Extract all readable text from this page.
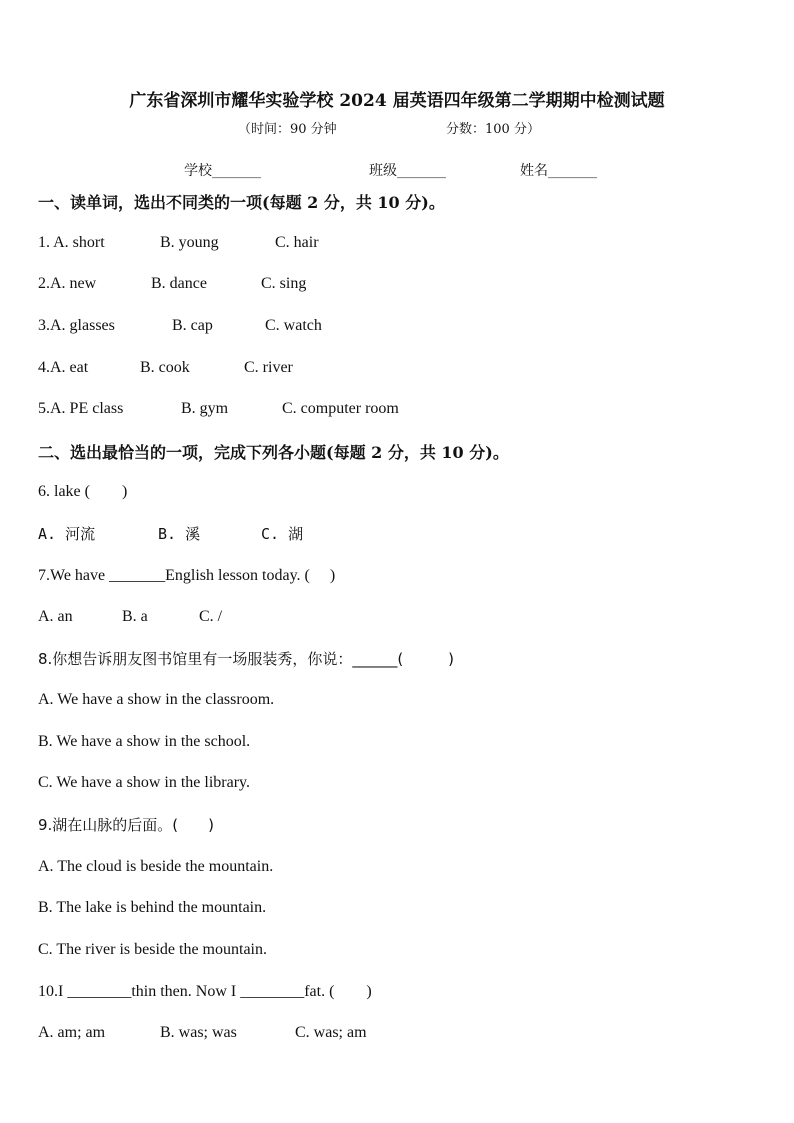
广东省深圳市耀华实验学校 2024 届英语四年级第二学期期中检测试题
（时间：90 分钟	分数：100 分）
学校_______	班级_______	姓名_______
一、读单词，选出不同类的一项(每题 2 分，共 10 分)。
1. A. short	B. young	C. hair
2.A. new	B. dance	C. sing
3.A. glasses	B. cap	C. watch
4.A. eat	B. cook	C. river
5.A. PE class	B. gym	C. computer room
二、选出最恰当的一项，完成下列各小题(每题 2 分，共 10 分)。
6. lake (　　)
A. 河流	B. 溪	C. 湖
7.We have _______English lesson today. (　 )
A. an	B. a	C. /
8.你想告诉朋友图书馆里有一场服装秀，你说：______(　　　)
A. We have a show in the classroom.
B. We have a show in the school.
C. We have a show in the library.
9.湖在山脉的后面。(　　)
A. The cloud is beside the mountain.
B. The lake is behind the mountain.
C. The river is beside the mountain.
10.I ________thin then. Now I ________fat. (　　)
A. am; am	B. was; was	C. was; am
